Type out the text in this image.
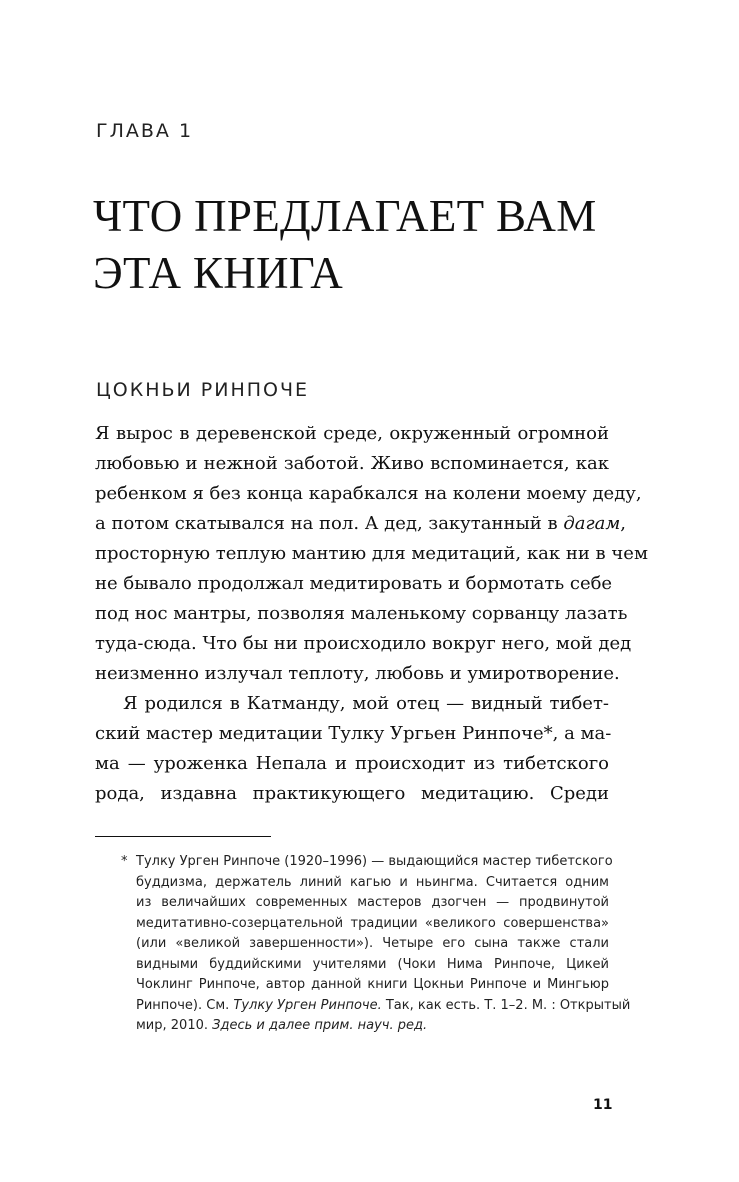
ГЛАВА 1
ЧТО ПРЕДЛАГАЕТ ВАМ
ЭТА КНИГА
ЦОКНЬИ РИНПОЧЕ
Я вырос в деревенской среде, окруженный огромной
любовью и нежной заботой. Живо вспоминается, как
ребенком я без конца карабкался на колени моему деду,
а потом скатывался на пол. А дед, закутанный в дагам,
просторную теплую мантию для медитаций, как ни в чем
не бывало продолжал медитировать и бормотать себе
под нос мантры, позволяя маленькому сорванцу лазать
туда-сюда. Что бы ни происходило вокруг него, мой дед
неизменно излучал теплоту, любовь и умиротворение.
Я родился в Катманду, мой отец — видный тибет-
ский мастер медитации Тулку Ургьен Ринпоче*, а ма-
ма — уроженка Непала и происходит из тибетского
рода, издавна практикующего медитацию. Среди
* Тулку Урген Ринпоче (1920–1996) — выдающийся мастер тибетского
буддизма, держатель линий кагью и ньингма. Считается одним
из величайших современных мастеров дзогчен — продвинутой
медитативно-созерцательной традиции «великого совершенства»
(или «великой завершенности»). Четыре его сына также стали
видными буддийскими учителями (Чоки Нима Ринпоче, Цикей
Чоклинг Ринпоче, автор данной книги Цокньи Ринпоче и Мингьюр
Ринпоче). См. Тулку Урген Ринпоче. Так, как есть. Т. 1–2. М. : Открытый
мир, 2010. Здесь и далее прим. науч. ред.
11
